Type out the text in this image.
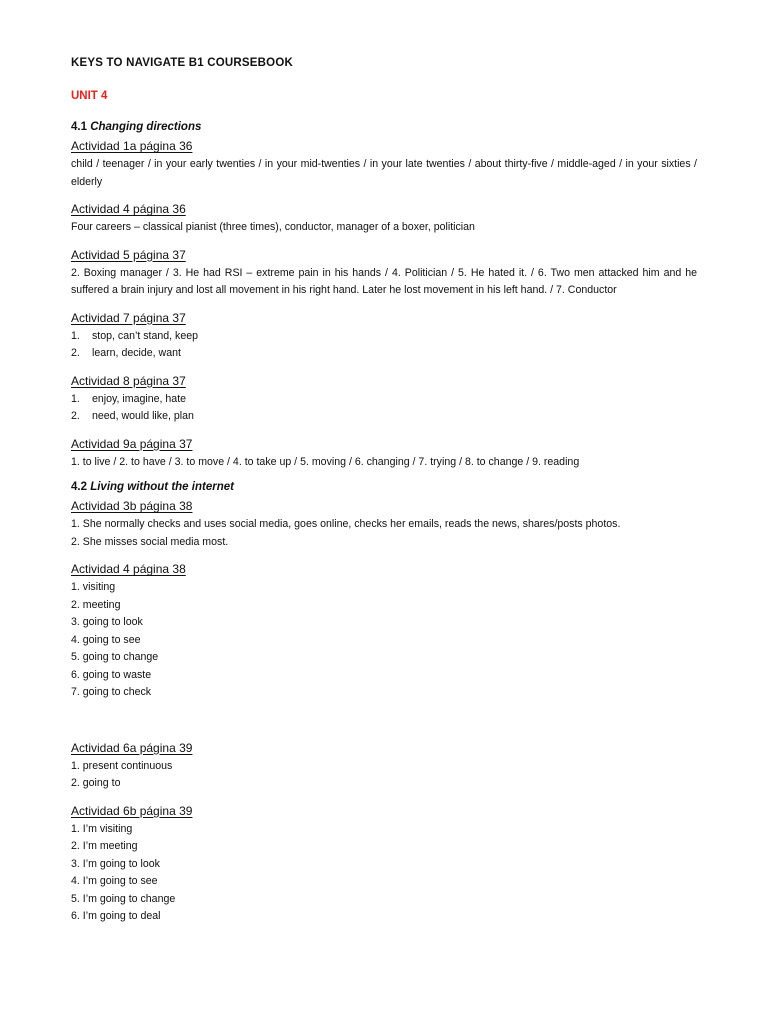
KEYS TO NAVIGATE B1 COURSEBOOK
UNIT 4
4.1 Changing directions
Actividad 1a página 36
child / teenager / in your early twenties / in your mid-twenties / in your late twenties / about thirty-five / middle-aged / in your sixties / elderly
Actividad 4 página 36
Four careers – classical pianist (three times), conductor, manager of a boxer, politician
Actividad 5 página 37
2. Boxing manager / 3. He had RSI – extreme pain in his hands / 4. Politician / 5. He hated it. / 6. Two men attacked him and he suffered a brain injury and lost all movement in his right hand. Later he lost movement in his left hand. / 7. Conductor
Actividad 7 página 37
1.	stop, can’t stand, keep
2.	learn, decide, want
Actividad 8 página 37
1.	enjoy, imagine, hate
2.	need, would like, plan
Actividad 9a página 37
1. to live / 2. to have / 3. to move / 4. to take up / 5. moving / 6. changing / 7. trying / 8. to change / 9. reading
4.2 Living without the internet
Actividad 3b página 38
1. She normally checks and uses social media, goes online, checks her emails, reads the news, shares/posts photos.
2. She misses social media most.
Actividad 4 página 38
1. visiting
2. meeting
3. going to look
4. going to see
5. going to change
6. going to waste
7. going to check
Actividad 6a página 39
1. present continuous
2. going to
Actividad 6b página 39
1. I’m visiting
2. I’m meeting
3. I’m going to look
4. I’m going to see
5. I’m going to change
6. I’m going to deal
